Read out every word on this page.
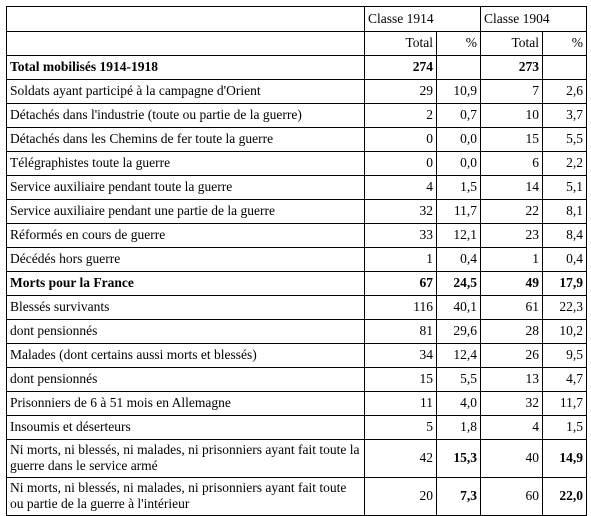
	Classe 1914		Classe 1904	
	Total	%	Total	%
Total mobilisés 1914-1918	274		273	
Soldats ayant participé à la campagne d'Orient	29	10,9	7	2,6
Détachés dans l'industrie (toute ou partie de la guerre)	2	0,7	10	3,7
Détachés dans les Chemins de fer toute la guerre	0	0,0	15	5,5
Télégraphistes toute la guerre	0	0,0	6	2,2
Service auxiliaire pendant toute la guerre	4	1,5	14	5,1
Service auxiliaire pendant une partie de la guerre	32	11,7	22	8,1
Réformés en cours de guerre	33	12,1	23	8,4
Décédés hors guerre	1	0,4	1	0,4
Morts pour la France	67	24,5	49	17,9
Blessés survivants	116	40,1	61	22,3
dont pensionnés	81	29,6	28	10,2
Malades (dont certains aussi morts et blessés)	34	12,4	26	9,5
dont pensionnés	15	5,5	13	4,7
Prisonniers de 6 à 51 mois en Allemagne	11	4,0	32	11,7
Insoumis et déserteurs	5	1,8	4	1,5
Ni morts, ni blessés, ni malades, ni prisonniers ayant fait toute la guerre dans le service armé	42	15,3	40	14,9
Ni morts, ni blessés, ni malades, ni prisonniers ayant fait toute ou partie de la guerre à l'intérieur	20	7,3	60	22,0
